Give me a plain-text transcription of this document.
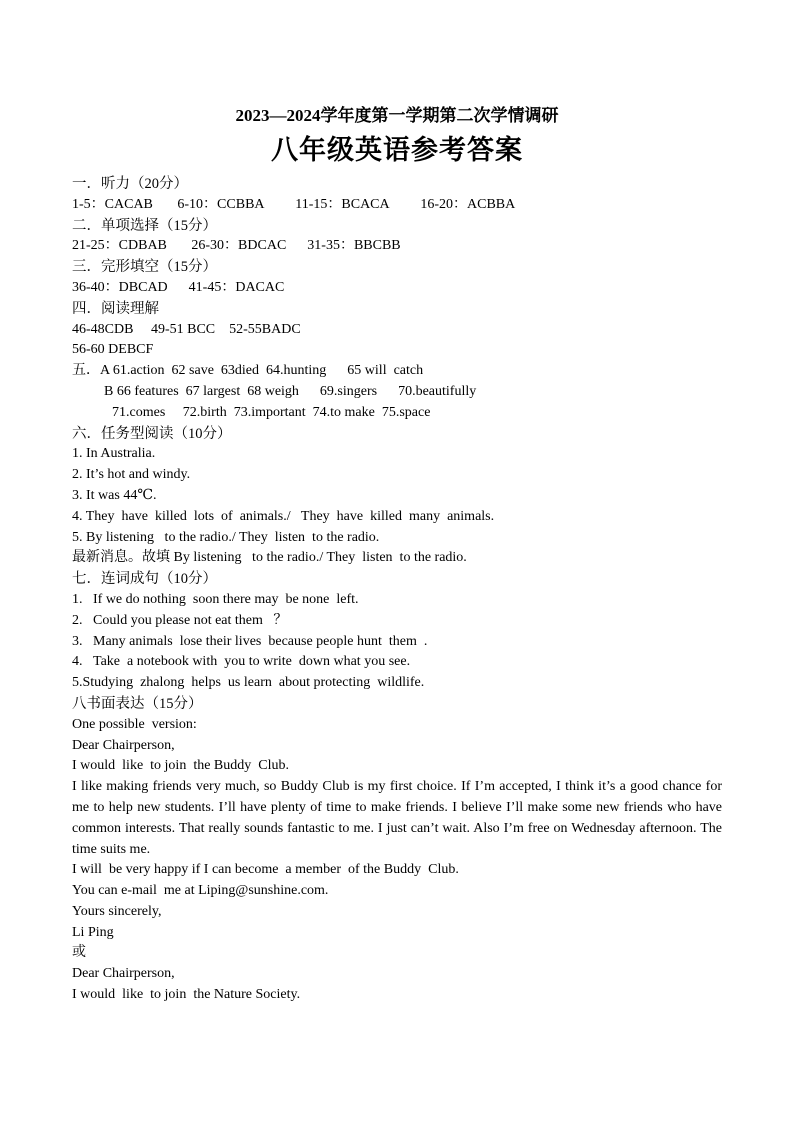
2023—2024学年度第一学期第二次学情调研
八年级英语参考答案
一．听力（20分）
1-5：CACAB       6-10：CCBBA         11-15：BCACA         16-20：ACBBA
二．单项选择（15分）
21-25：CDBAB       26-30：BDCAC      31-35：BBCBB
三．完形填空（15分）
36-40：DBCAD      41-45：DACAC
四．阅读理解
46-48CDB     49-51 BCC    52-55BADC
56-60 DEBCF
五．A 61.action  62 save  63died  64.hunting      65 will  catch
B 66 features  67 largest  68 weigh      69.singers      70.beautifully
71.comes     72.birth  73.important  74.to make  75.space
六．任务型阅读（10分）
1. In Australia.
2. It’s hot and windy.
3. It was 44℃.
4. They  have  killed  lots  of  animals./   They  have  killed  many  animals.
5. By listening   to the radio./ They  listen  to the radio.
最新消息。故填 By listening   to the radio./ They  listen  to the radio.
七．连词成句（10分）
1. If we do nothing  soon there may  be none  left.
2. Could you please not eat them   ？
3. Many animals  lose their lives  because people hunt  them  .
4. Take  a notebook with  you to write  down what you see.
5.Studying  zhalong  helps  us learn  about protecting  wildlife.
八书面表达（15分）
One possible  version:
Dear Chairperson,
I would  like  to join  the Buddy  Club.
I like making friends very much, so Buddy Club is my first choice. If I’m accepted, I think it’s a good chance for me to help new students. I’ll have plenty of time to make friends. I believe I’ll make some new friends who have common interests. That really sounds fantastic to me. I just can’t wait. Also I’m free on Wednesday afternoon. The time suits me.
I will  be very happy if I can become  a member  of the Buddy  Club.
You can e-mail  me at Liping@sunshine.com.
Yours sincerely,
Li Ping
或
Dear Chairperson,
I would  like  to join  the Nature Society.
